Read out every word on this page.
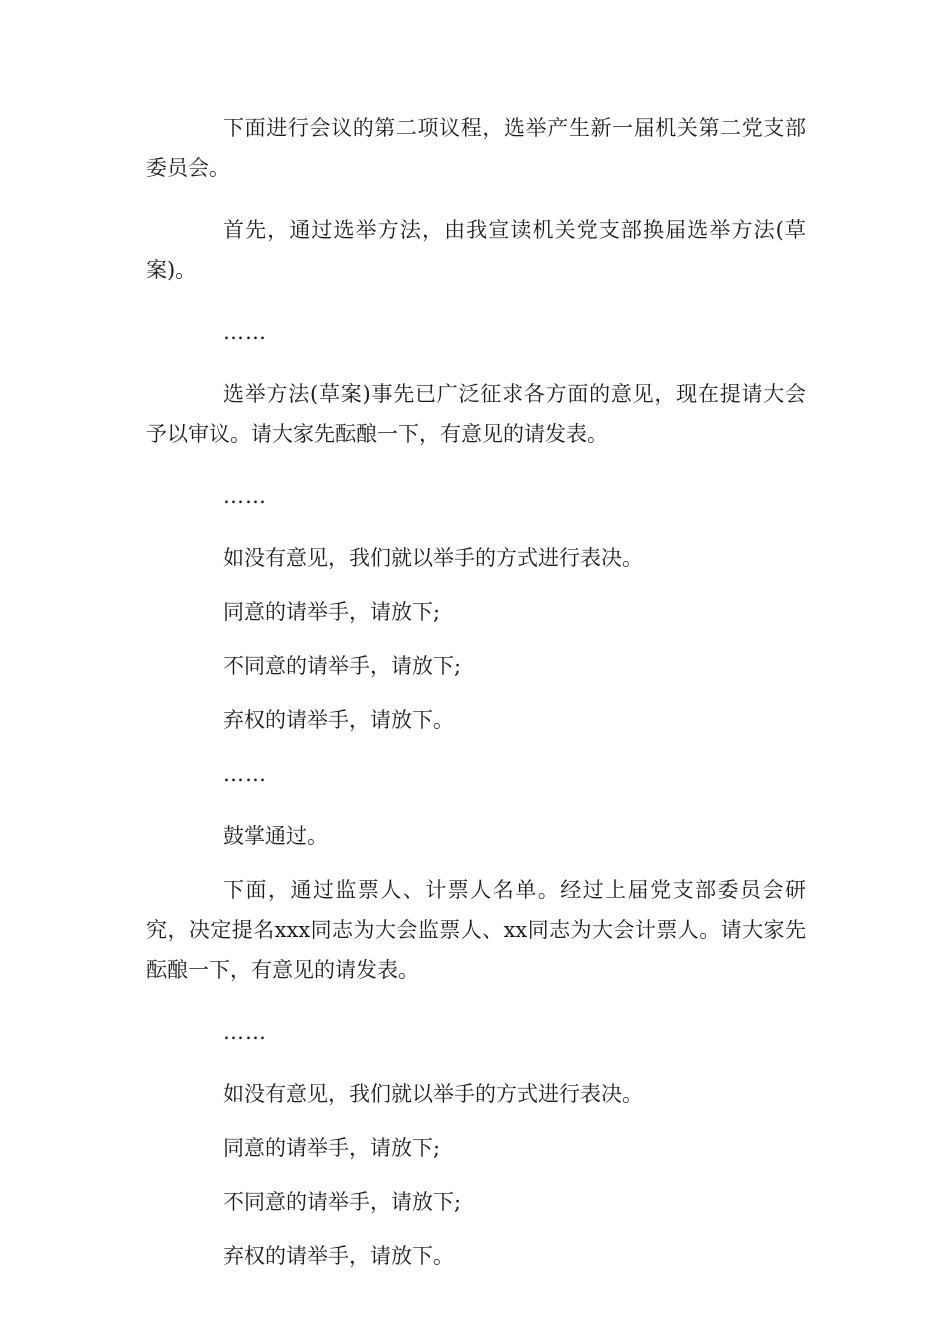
下面进行会议的第二项议程，选举产生新一届机关第二党支部委员会。

首先，通过选举方法，由我宣读机关党支部换届选举方法(草案)。

……

选举方法(草案)事先已广泛征求各方面的意见，现在提请大会予以审议。请大家先酝酿一下，有意见的请发表。

……

如没有意见，我们就以举手的方式进行表决。

同意的请举手，请放下;

不同意的请举手，请放下;

弃权的请举手，请放下。

……

鼓掌通过。

下面，通过监票人、计票人名单。经过上届党支部委员会研究，决定提名xxx同志为大会监票人、xx同志为大会计票人。请大家先酝酿一下，有意见的请发表。

……

如没有意见，我们就以举手的方式进行表决。

同意的请举手，请放下;

不同意的请举手，请放下;

弃权的请举手，请放下。
